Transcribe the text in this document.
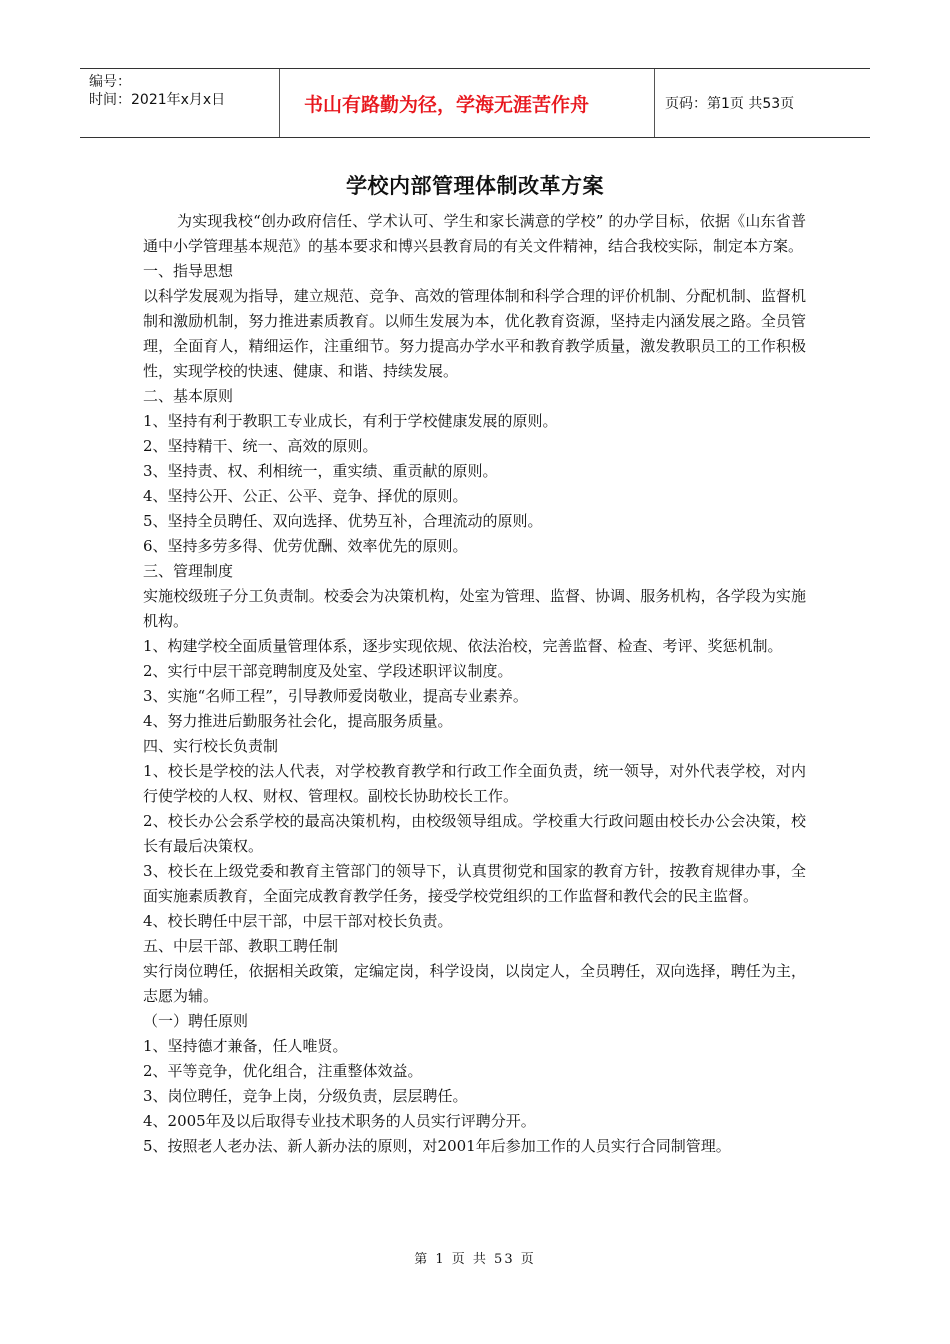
编号：
时间：2021年x月x日	书山有路勤为径，学海无涯苦作舟	页码：第1页 共53页
学校内部管理体制改革方案

为实现我校“创办政府信任、学术认可、学生和家长满意的学校” 的办学目标，依据《山东省普通中小学管理基本规范》的基本要求和博兴县教育局的有关文件精神，结合我校实际，制定本方案。

一、指导思想

以科学发展观为指导，建立规范、竞争、高效的管理体制和科学合理的评价机制、分配机制、监督机制和激励机制，努力推进素质教育。以师生发展为本，优化教育资源，坚持走内涵发展之路。全员管理，全面育人，精细运作，注重细节。努力提高办学水平和教育教学质量，激发教职员工的工作积极性，实现学校的快速、健康、和谐、持续发展。

二、基本原则

1、坚持有利于教职工专业成长，有利于学校健康发展的原则。

2、坚持精干、统一、高效的原则。

3、坚持责、权、利相统一，重实绩、重贡献的原则。

4、坚持公开、公正、公平、竞争、择优的原则。

5、坚持全员聘任、双向选择、优势互补，合理流动的原则。

6、坚持多劳多得、优劳优酬、效率优先的原则。

三、管理制度

实施校级班子分工负责制。校委会为决策机构，处室为管理、监督、协调、服务机构，各学段为实施机构。

1、构建学校全面质量管理体系，逐步实现依规、依法治校，完善监督、检查、考评、奖惩机制。

2、实行中层干部竞聘制度及处室、学段述职评议制度。

3、实施“名师工程”，引导教师爱岗敬业，提高专业素养。

4、努力推进后勤服务社会化，提高服务质量。

四、实行校长负责制

1、校长是学校的法人代表，对学校教育教学和行政工作全面负责，统一领导，对外代表学校，对内行使学校的人权、财权、管理权。副校长协助校长工作。

2、校长办公会系学校的最高决策机构，由校级领导组成。学校重大行政问题由校长办公会决策，校长有最后决策权。

3、校长在上级党委和教育主管部门的领导下，认真贯彻党和国家的教育方针，按教育规律办事，全面实施素质教育，全面完成教育教学任务，接受学校党组织的工作监督和教代会的民主监督。

4、校长聘任中层干部，中层干部对校长负责。

五、中层干部、教职工聘任制

实行岗位聘任，依据相关政策，定编定岗，科学设岗，以岗定人，全员聘任，双向选择，聘任为主，志愿为辅。

（一）聘任原则

1、坚持德才兼备，任人唯贤。

2、平等竞争，优化组合，注重整体效益。

3、岗位聘任，竞争上岗，分级负责，层层聘任。

4、2005年及以后取得专业技术职务的人员实行评聘分开。

5、按照老人老办法、新人新办法的原则，对2001年后参加工作的人员实行合同制管理。

第 1 页 共 53 页
